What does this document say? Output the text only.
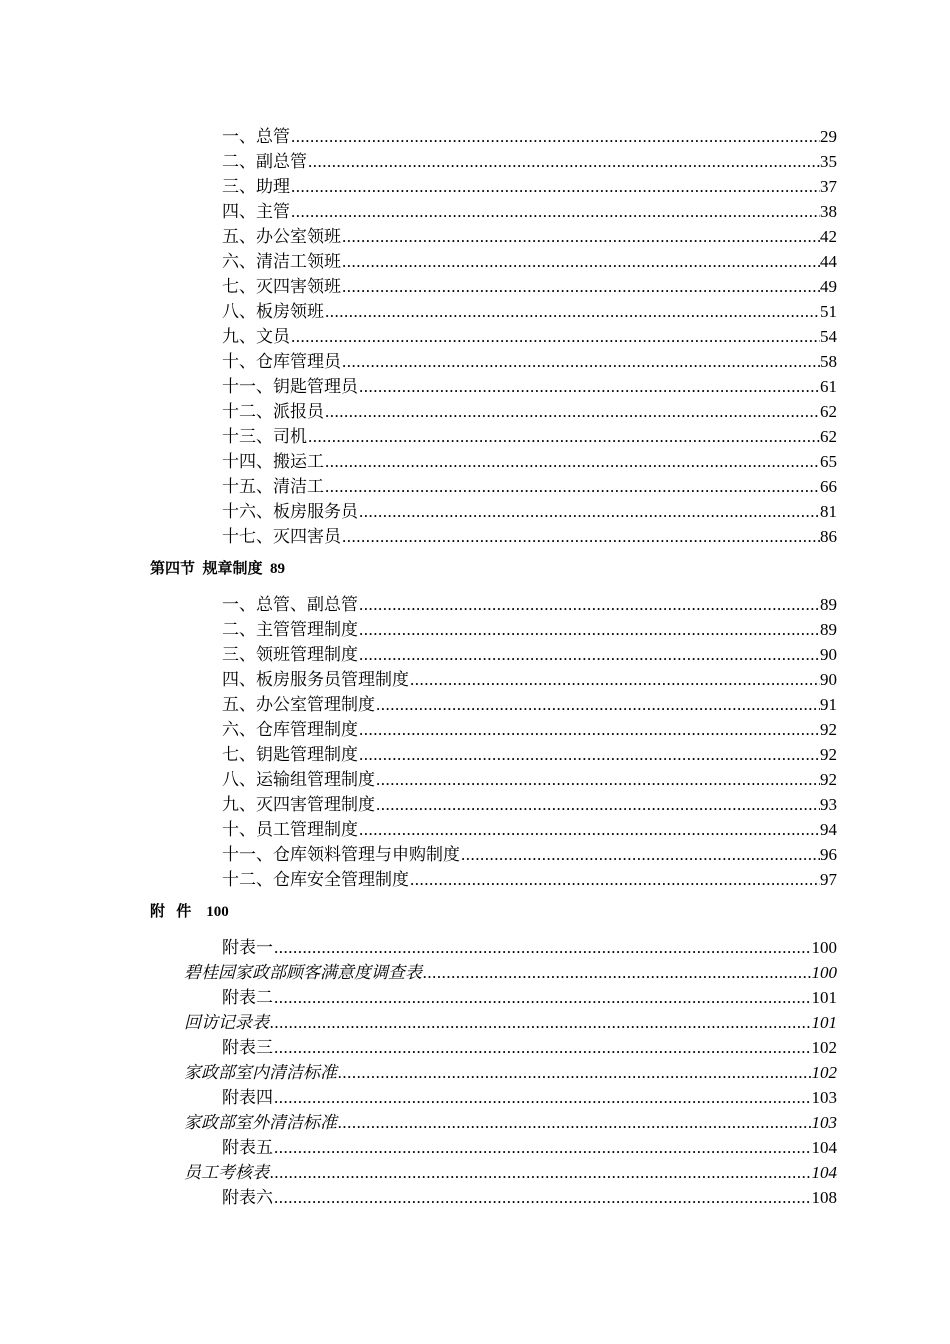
一、总管 .....	29
二、副总管 .....	35
三、助理 .....	37
四、主管 .....	38
五、办公室领班 .....	42
六、清洁工领班 .....	44
七、灭四害领班 .....	49
八、板房领班 .....	51
九、文员 .....	54
十、仓库管理员 .....	58
十一、钥匙管理员 .....	61
十二、派报员 .....	62
十三、司机 .....	62
十四、搬运工 .....	65
十五、清洁工 .....	66
十六、板房服务员 .....	81
十七、灭四害员 .....	86
第四节  规章制度  89
一、总管、副总管 .....	89
二、主管管理制度 .....	89
三、领班管理制度 .....	90
四、板房服务员管理制度 .....	90
五、办公室管理制度 .....	91
六、仓库管理制度 .....	92
七、钥匙管理制度 .....	92
八、运输组管理制度 .....	92
九、灭四害管理制度 .....	93
十、员工管理制度 .....	94
十一、仓库领料管理与申购制度 .....	96
十二、仓库安全管理制度 .....	97
附   件    100
附表一 .....	100
碧桂园家政部顾客满意度调查表 .....	100
附表二 .....	101
回访记录表 .....	101
附表三 .....	102
家政部室内清洁标准 .....	102
附表四 .....	103
家政部室外清洁标准 .....	103
附表五 .....	104
员工考核表 .....	104
附表六 .....	108
